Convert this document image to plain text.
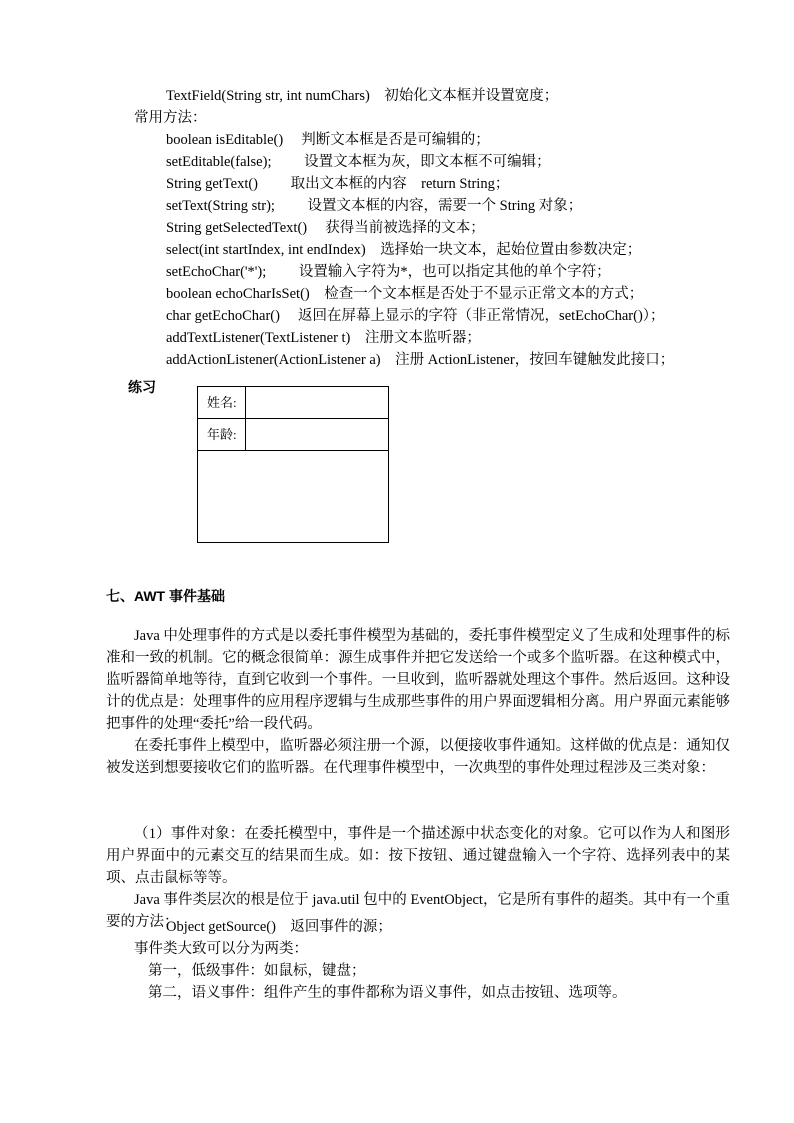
TextField(String str, int numChars)　初始化文本框并设置宽度；
常用方法：
boolean isEditable()　 判断文本框是否是可编辑的；
setEditable(false);　　 设置文本框为灰，即文本框不可编辑；
String getText()　　 取出文本框的内容　return String；
setText(String str);　　 设置文本框的内容，需要一个 String 对象；
String getSelectedText()　 获得当前被选择的文本；
select(int startIndex, int endIndex)　选择始一块文本，起始位置由参数决定；
setEchoChar('*');　　 设置输入字符为*，也可以指定其他的单个字符；
boolean echoCharIsSet()　检查一个文本框是否处于不显示正常文本的方式；
char getEchoChar()　 返回在屏幕上显示的字符（非正常情况，setEchoChar()）；
addTextListener(TextListener t)　注册文本监听器；
addActionListener(ActionListener a)　注册 ActionListener，按回车键触发此接口；
练习
姓名:
年龄:
七、AWT 事件基础
Java 中处理事件的方式是以委托事件模型为基础的，委托事件模型定义了生成和处理事件的标准和一致的机制。它的概念很简单：源生成事件并把它发送给一个或多个监听器。在这种模式中，监听器简单地等待，直到它收到一个事件。一旦收到，监听器就处理这个事件。然后返回。这种设计的优点是：处理事件的应用程序逻辑与生成那些事件的用户界面逻辑相分离。用户界面元素能够把事件的处理“委托”给一段代码。
在委托事件上模型中，监听器必须注册一个源，以便接收事件通知。这样做的优点是：通知仅被发送到想要接收它们的监听器。在代理事件模型中，一次典型的事件处理过程涉及三类对象：
（1）事件对象：在委托模型中，事件是一个描述源中状态变化的对象。它可以作为人和图形用户界面中的元素交互的结果而生成。如：按下按钮、通过键盘输入一个字符、选择列表中的某项、点击鼠标等等。
Java 事件类层次的根是位于 java.util 包中的 EventObject，它是所有事件的超类。其中有一个重要的方法：
Object getSource()　返回事件的源；
事件类大致可以分为两类：
第一，低级事件：如鼠标，键盘；
第二，语义事件：组件产生的事件都称为语义事件，如点击按钮、选项等。
